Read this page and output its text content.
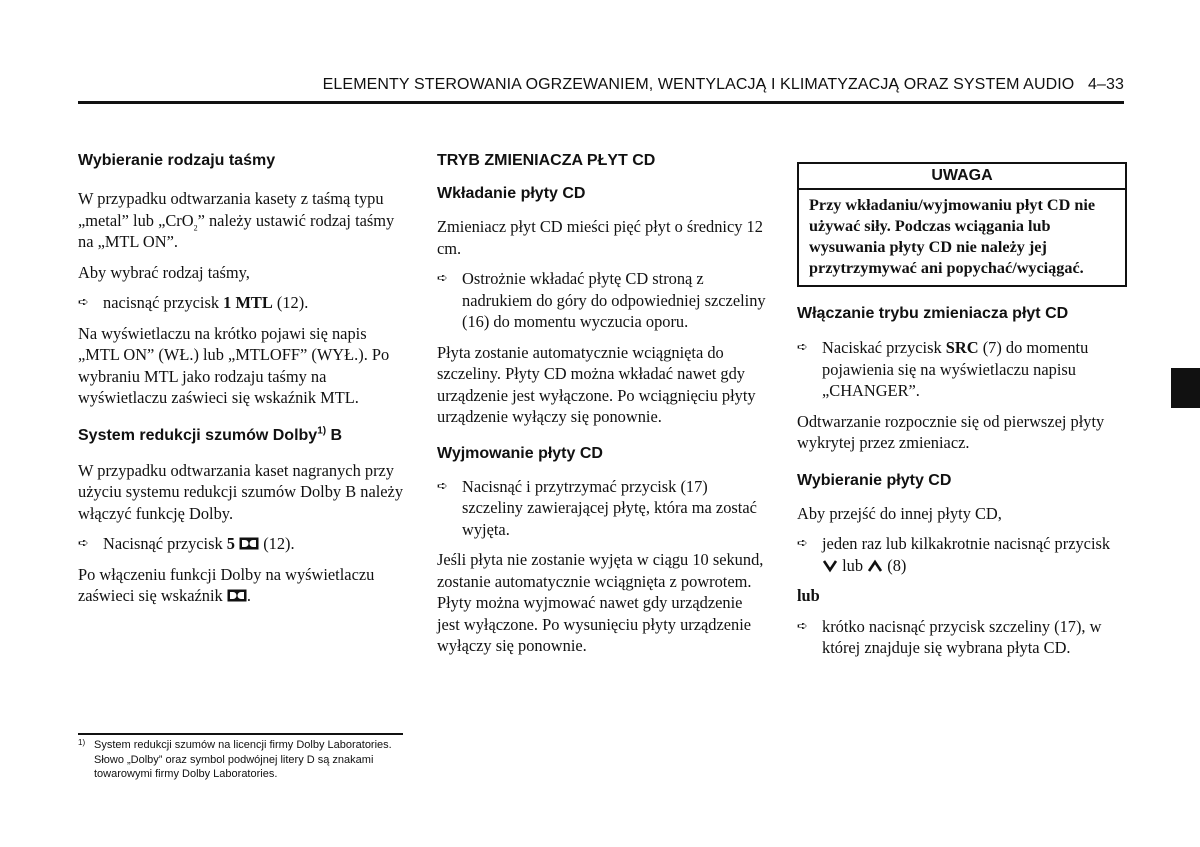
ELEMENTY STEROWANIA OGRZEWANIEM, WENTYLACJĄ I KLIMATYZACJĄ ORAZ SYSTEM AUDIO 4–33
Wybieranie rodzaju taśmy

W przypadku odtwarzania kasety z taśmą typu „metal” lub „CrO$_2$” należy ustawić rodzaj taśmy na „MTL ON”.

Aby wybrać rodzaj taśmy,

➪ nacisnąć przycisk 1 MTL (12).

Na wyświetlaczu na krótko pojawi się napis „MTL ON” (WŁ.) lub „MTLOFF” (WYŁ.). Po wybraniu MTL jako rodzaju taśmy na wyświetlaczu zaświeci się wskaźnik MTL.

System redukcji szumów Dolby$^{1)}$ B

W przypadku odtwarzania kaset nagranych przy użyciu systemu redukcji szumów Dolby B należy włączyć funkcję Dolby.

➪ Nacisnąć przycisk 5  (12).

Po włączeniu funkcji Dolby na wyświetlaczu zaświeci się wskaźnik .

TRYB ZMIENIACZA PŁYT CD
Wkładanie płyty CD

Zmieniacz płyt CD mieści pięć płyt o średnicy 12 cm.

➪ Ostrożnie wkładać płytę CD stroną z nadrukiem do góry do odpowiedniej szczeliny (16) do momentu wyczucia oporu.

Płyta zostanie automatycznie wciągnięta do szczeliny. Płyty CD można wkładać nawet gdy urządzenie jest wyłączone. Po wciągnięciu płyty urządzenie wyłączy się ponownie.

Wyjmowanie płyty CD

➪ Nacisnąć i przytrzymać przycisk (17) szczeliny zawierającej płytę, która ma zostać wyjęta.

Jeśli płyta nie zostanie wyjęta w ciągu 10 sekund, zostanie automatycznie wciągnięta z powrotem. Płyty można wyjmować nawet gdy urządzenie jest wyłączone. Po wysunięciu płyty urządzenie wyłączy się ponownie.

UWAGA
Przy wkładaniu/wyjmowaniu płyt CD nie używać siły. Podczas wciągania lub wysuwania płyty CD nie należy jej przytrzymywać ani popychać/wyciągać.
Włączanie trybu zmieniacza płyt CD

➪ Naciskać przycisk SRC (7) do momentu pojawienia się na wyświetlaczu napisu „CHANGER”.

Odtwarzanie rozpocznie się od pierwszej płyty wykrytej przez zmieniacz.

Wybieranie płyty CD

Aby przejść do innej płyty CD,

➪ jeden raz lub kilkakrotnie nacisnąć przycisk  lub  (8)

lub

➪ krótko nacisnąć przycisk szczeliny (17), w której znajduje się wybrana płyta CD.

1) System redukcji szumów na licencji firmy Dolby Laboratories. Słowo „Dolby” oraz symbol podwójnej litery D są znakami towarowymi firmy Dolby Laboratories.
